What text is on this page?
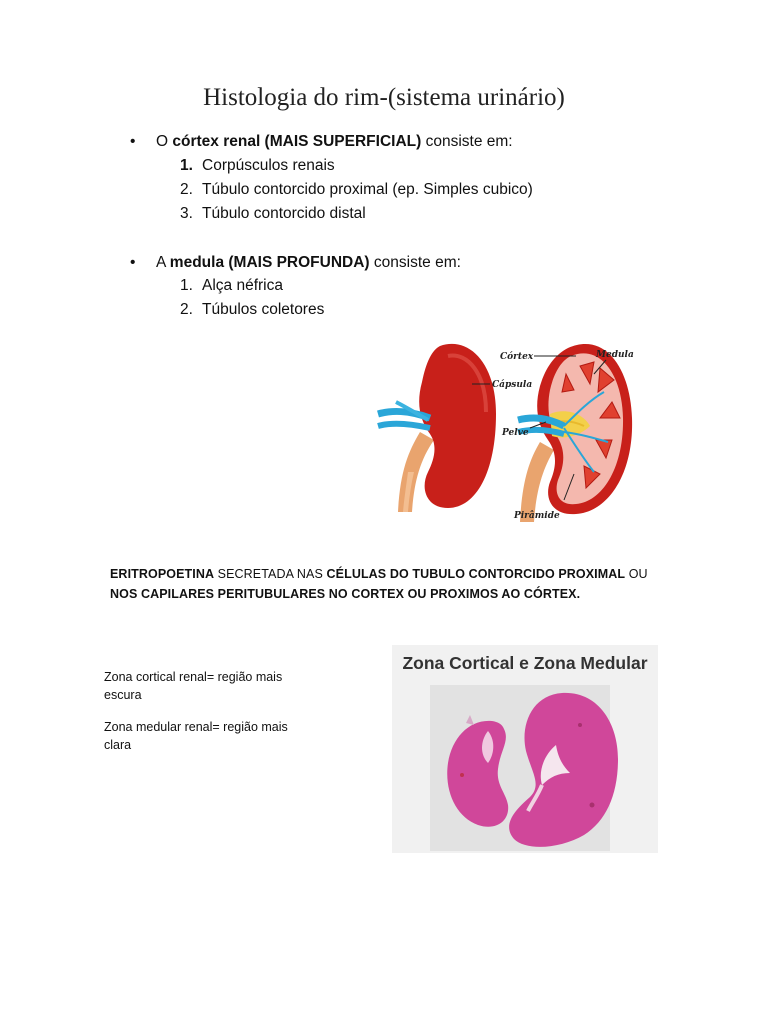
Histologia do rim-(sistema urinário)
• O córtex renal (MAIS SUPERFICIAL) consiste em:
1. Corpúsculos renais
2. Túbulo contorcido proximal (ep. Simples cubico)
3. Túbulo contorcido distal
• A medula (MAIS PROFUNDA) consiste em:
1. Alça néfrica
2. Túbulos coletores
Córtex	Medula
Cápsula
Pelve
Pirâmide
ERITROPOETINA SECRETADA NAS CÉLULAS DO TUBULO CONTORCIDO PROXIMAL OU
NOS CAPILARES PERITUBULARES NO CORTEX OU PROXIMOS AO CÓRTEX.
Zona cortical renal= região mais escura
Zona medular renal= região mais clara
Zona Cortical e Zona Medular
